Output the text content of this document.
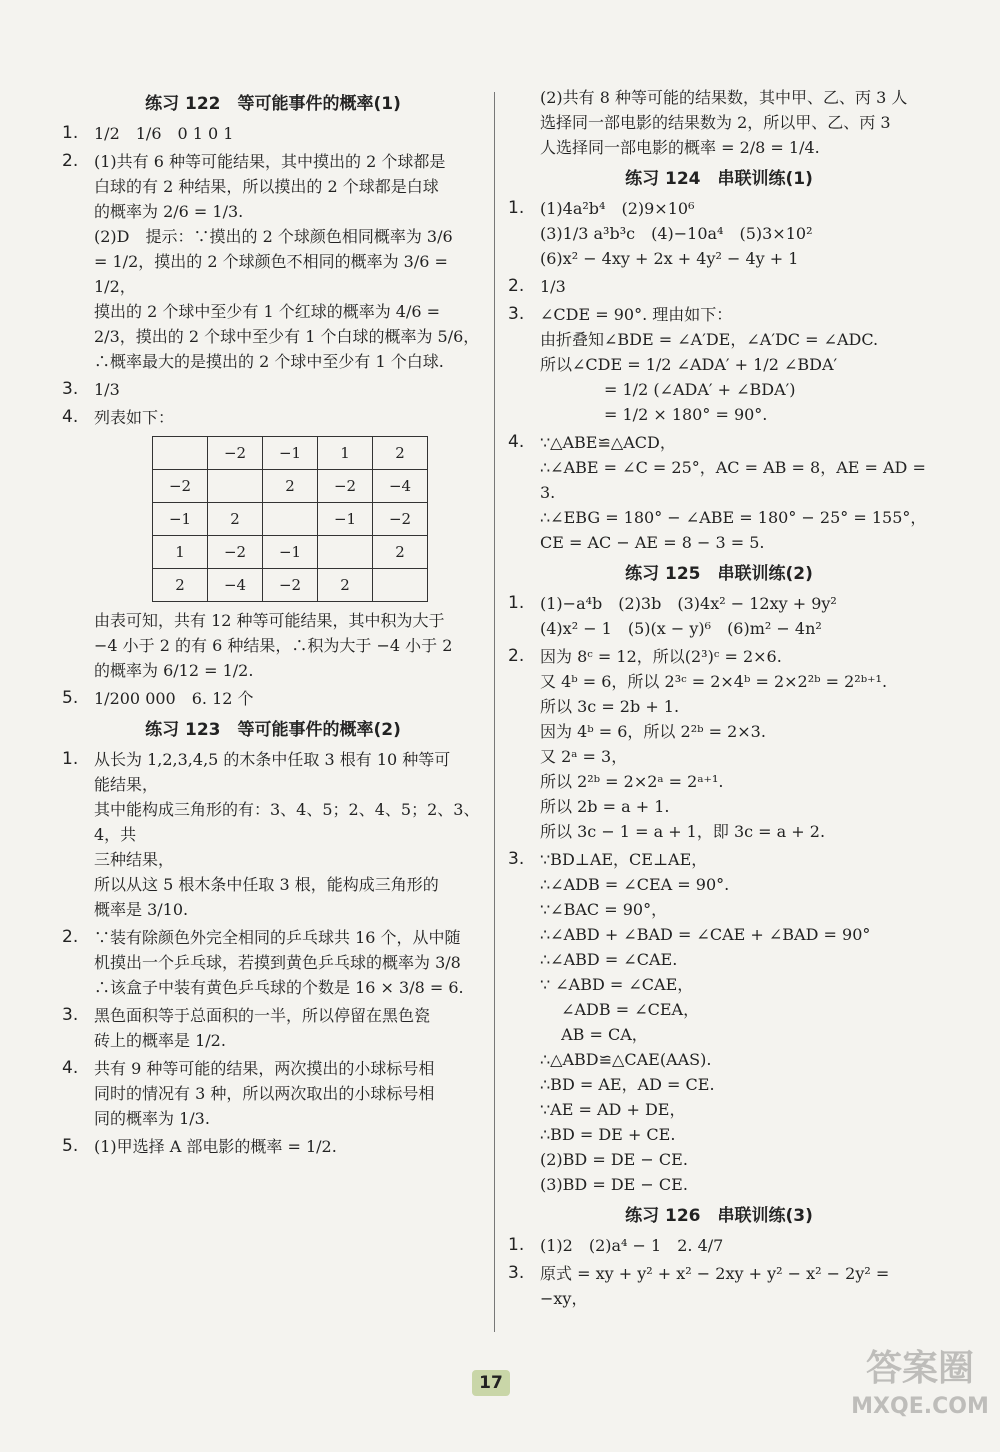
练习 122　等可能事件的概率(1)
1. 1/2　1/6　0 1 0 1
2. (1)共有 6 种等可能结果，其中摸出的 2 个球都是
白球的有 2 种结果，所以摸出的 2 个球都是白球
的概率为 2/6 = 1/3.
(2)D　提示：∵摸出的 2 个球颜色相同概率为 3/6
= 1/2，摸出的 2 个球颜色不相同的概率为 3/6 = 1/2，
摸出的 2 个球中至少有 1 个红球的概率为 4/6 =
2/3，摸出的 2 个球中至少有 1 个白球的概率为 5/6，
∴概率最大的是摸出的 2 个球中至少有 1 个白球.
3. 1/3
4. 列表如下：
	−2	−1	1	2
−2		2	−2	−4
−1	2		−1	−2
1	−2	−1		2
2	−4	−2	2	
由表可知，共有 12 种等可能结果，其中积为大于
−4 小于 2 的有 6 种结果，∴积为大于 −4 小于 2
的概率为 6/12 = 1/2.
5. 1/200 000　6. 12 个
练习 123　等可能事件的概率(2)
1. 从长为 1,2,3,4,5 的木条中任取 3 根有 10 种等可
能结果，
其中能构成三角形的有：3、4、5；2、4、5；2、3、4，共
三种结果，
所以从这 5 根木条中任取 3 根，能构成三角形的
概率是 3/10.
2. ∵装有除颜色外完全相同的乒乓球共 16 个，从中随
机摸出一个乒乓球，若摸到黄色乒乓球的概率为 3/8
∴该盒子中装有黄色乒乓球的个数是 16 × 3/8 = 6.
3. 黑色面积等于总面积的一半，所以停留在黑色瓷
砖上的概率是 1/2.
4. 共有 9 种等可能的结果，两次摸出的小球标号相
同时的情况有 3 种，所以两次取出的小球标号相
同的概率为 1/3.
5. (1)甲选择 A 部电影的概率 = 1/2.
(2)共有 8 种等可能的结果数，其中甲、乙、丙 3 人
选择同一部电影的结果数为 2，所以甲、乙、丙 3
人选择同一部电影的概率 = 2/8 = 1/4.
练习 124　串联训练(1)
1. (1)4a²b⁴　(2)9×10⁶
(3)1/3 a³b³c　(4)−10a⁴　(5)3×10²
(6)x² − 4xy + 2x + 4y² − 4y + 1
2. 1/3
3. ∠CDE = 90°. 理由如下：
由折叠知∠BDE = ∠A′DE，∠A′DC = ∠ADC.
所以∠CDE = 1/2 ∠ADA′ + 1/2 ∠BDA′
　　　　= 1/2 (∠ADA′ + ∠BDA′)
　　　　= 1/2 × 180° = 90°.
4. ∵△ABE≌△ACD，
∴∠ABE = ∠C = 25°，AC = AB = 8，AE = AD = 3.
∴∠EBG = 180° − ∠ABE = 180° − 25° = 155°，
CE = AC − AE = 8 − 3 = 5.
练习 125　串联训练(2)
1. (1)−a⁴b　(2)3b　(3)4x² − 12xy + 9y²
(4)x² − 1　(5)(x − y)⁶　(6)m² − 4n²
2. 因为 8ᶜ = 12，所以(2³)ᶜ = 2×6.
又 4ᵇ = 6，所以 2³ᶜ = 2×4ᵇ = 2×2²ᵇ = 2²ᵇ⁺¹.
所以 3c = 2b + 1.
因为 4ᵇ = 6，所以 2²ᵇ = 2×3.
又 2ᵃ = 3，
所以 2²ᵇ = 2×2ᵃ = 2ᵃ⁺¹.
所以 2b = a + 1.
所以 3c − 1 = a + 1，即 3c = a + 2.
3. ∵BD⊥AE，CE⊥AE，
∴∠ADB = ∠CEA = 90°.
∵∠BAC = 90°，
∴∠ABD + ∠BAD = ∠CAE + ∠BAD = 90°
∴∠ABD = ∠CAE.
∵ ∠ABD = ∠CAE，
　 ∠ADB = ∠CEA，
　 AB = CA，
∴△ABD≌△CAE(AAS).
∴BD = AE，AD = CE.
∵AE = AD + DE，
∴BD = DE + CE.
(2)BD = DE − CE.
(3)BD = DE − CE.
练习 126　串联训练(3)
1. (1)2　(2)a⁴ − 1　2. 4/7
3. 原式 = xy + y² + x² − 2xy + y² − x² − 2y² = −xy，
17	答案圈
MXQE.COM
